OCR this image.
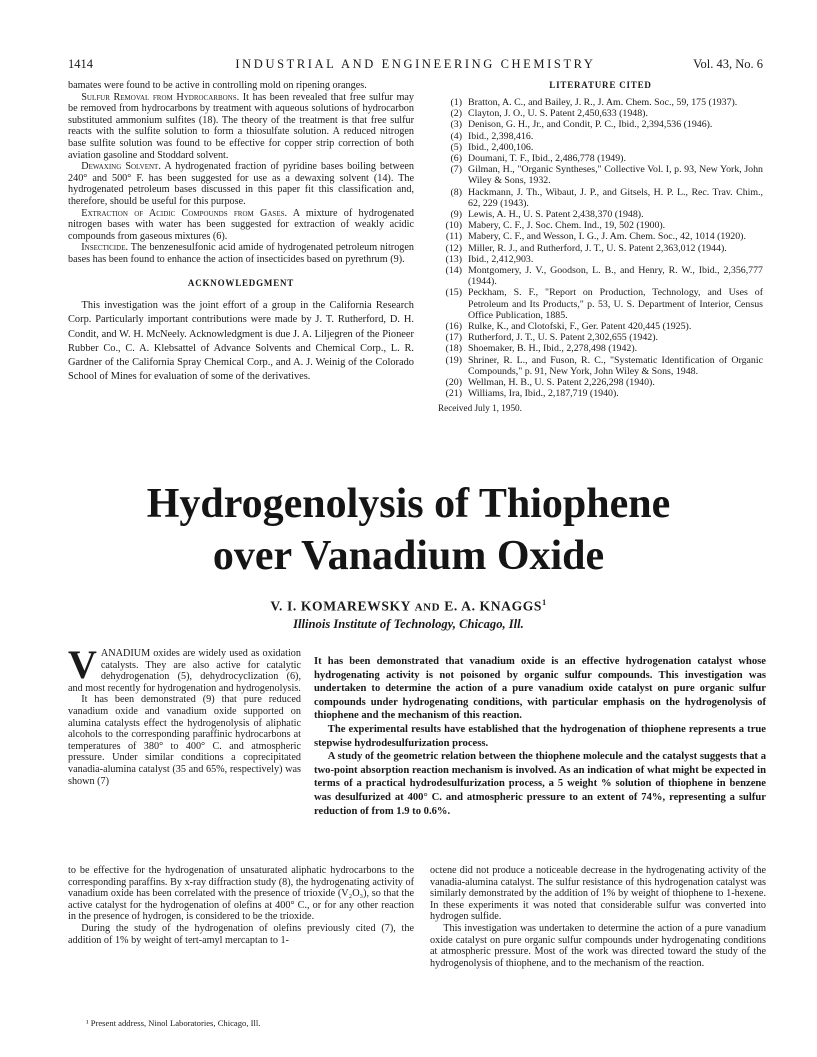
1414	INDUSTRIAL AND ENGINEERING CHEMISTRY	Vol. 43, No. 6

bamates were found to be active in controlling mold on ripening oranges.

Sulfur Removal from Hydrocarbons. It has been revealed that free sulfur may be removed from hydrocarbons by treatment with aqueous solutions of hydrocarbon substituted ammonium sulfites (18). The theory of the treatment is that free sulfur reacts with the sulfite solution to form a thiosulfate solution. A reduced nitrogen base sulfite solution was found to be effective for copper strip correction of both aviation gasoline and Stoddard solvent.

Dewaxing Solvent. A hydrogenated fraction of pyridine bases boiling between 240° and 500° F. has been suggested for use as a dewaxing solvent (14). The hydrogenated petroleum bases discussed in this paper fit this classification and, therefore, should be useful for this purpose.

Extraction of Acidic Compounds from Gases. A mixture of hydrogenated nitrogen bases with water has been suggested for extraction of weakly acidic compounds from gaseous mixtures (6).

Insecticide. The benzenesulfonic acid amide of hydrogenated petroleum nitrogen bases has been found to enhance the action of insecticides based on pyrethrum (9).

ACKNOWLEDGMENT

This investigation was the joint effort of a group in the California Research Corp. Particularly important contributions were made by J. T. Rutherford, D. H. Condit, and W. H. McNeely. Acknowledgment is due J. A. Liljegren of the Pioneer Rubber Co., C. A. Klebsattel of Advance Solvents and Chemical Corp., L. R. Gardner of the California Spray Chemical Corp., and A. J. Weinig of the Colorado School of Mines for evaluation of some of the derivatives.

LITERATURE CITED
(1) Bratton, A. C., and Bailey, J. R., J. Am. Chem. Soc., 59, 175 (1937).
(2) Clayton, J. O., U. S. Patent 2,450,633 (1948).
(3) Denison, G. H., Jr., and Condit, P. C., Ibid., 2,394,536 (1946).
(4) Ibid., 2,398,416.
(5) Ibid., 2,400,106.
(6) Doumani, T. F., Ibid., 2,486,778 (1949).
(7) Gilman, H., "Organic Syntheses," Collective Vol. I, p. 93, New York, John Wiley & Sons, 1932.
(8) Hackmann, J. Th., Wibaut, J. P., and Gitsels, H. P. L., Rec. Trav. Chim., 62, 229 (1943).
(9) Lewis, A. H., U. S. Patent 2,438,370 (1948).
(10) Mabery, C. F., J. Soc. Chem. Ind., 19, 502 (1900).
(11) Mabery, C. F., and Wesson, I. G., J. Am. Chem. Soc., 42, 1014 (1920).
(12) Miller, R. J., and Rutherford, J. T., U. S. Patent 2,363,012 (1944).
(13) Ibid., 2,412,903.
(14) Montgomery, J. V., Goodson, L. B., and Henry, R. W., Ibid., 2,356,777 (1944).
(15) Peckham, S. F., "Report on Production, Technology, and Uses of Petroleum and Its Products," p. 53, U. S. Department of Interior, Census Office Publication, 1885.
(16) Rulke, K., and Clotofski, F., Ger. Patent 420,445 (1925).
(17) Rutherford, J. T., U. S. Patent 2,302,655 (1942).
(18) Shoemaker, B. H., Ibid., 2,278,498 (1942).
(19) Shriner, R. L., and Fuson, R. C., "Systematic Identification of Organic Compounds," p. 91, New York, John Wiley & Sons, 1948.
(20) Wellman, H. B., U. S. Patent 2,226,298 (1940).
(21) Williams, Ira, Ibid., 2,187,719 (1940).
Received July 1, 1950.
Hydrogenolysis of Thiophene
over Vanadium Oxide
V. I. KOMAREWSKY AND E. A. KNAGGS$^1$
Illinois Institute of Technology, Chicago, Ill.

VANADIUM oxides are widely used as oxidation catalysts. They are also active for catalytic dehydrogenation (5), dehydrocyclization (6), and most recently for hydrogenation and hydrogenolysis.

It has been demonstrated (9) that pure reduced vanadium oxide and vanadium oxide supported on alumina catalysts effect the hydrogenolysis of aliphatic alcohols to the corresponding paraffinic hydrocarbons at temperatures of 380° to 400° C. and atmospheric pressure. Under similar conditions a coprecipitated vanadia-alumina catalyst (35 and 65%, respectively) was shown (7)

It has been demonstrated that vanadium oxide is an effective hydrogenation catalyst whose hydrogenating activity is not poisoned by organic sulfur compounds. This investigation was undertaken to determine the action of a pure vanadium oxide catalyst on pure organic sulfur compounds under hydrogenating conditions, with particular emphasis on the hydrogenolysis of thiophene and the mechanism of this reaction.

The experimental results have established that the hydrogenation of thiophene represents a true stepwise hydrodesulfurization process.

A study of the geometric relation between the thiophene molecule and the catalyst suggests that a two-point absorption reaction mechanism is involved. As an indication of what might be expected in terms of a practical hydrodesulfurization process, a 5 weight % solution of thiophene in benzene was desulfurized at 400° C. and atmospheric pressure to an extent of 74%, representing a sulfur reduction of from 1.9 to 0.6%.

to be effective for the hydrogenation of unsaturated aliphatic hydrocarbons to the corresponding paraffins. By x-ray diffraction study (8), the hydrogenating activity of vanadium oxide has been correlated with the presence of trioxide (V₂O₃), so that the active catalyst for the hydrogenation of olefins at 400° C., or for any other reaction in the presence of hydrogen, is considered to be the trioxide.

During the study of the hydrogenation of olefins previously cited (7), the addition of 1% by weight of tert-amyl mercaptan to 1-

octene did not produce a noticeable decrease in the hydrogenating activity of the vanadia-alumina catalyst. The sulfur resistance of this hydrogenation catalyst was similarly demonstrated by the addition of 1% by weight of thiophene to 1-hexene. In these experiments it was noted that considerable sulfur was converted into hydrogen sulfide.

This investigation was undertaken to determine the action of a pure vanadium oxide catalyst on pure organic sulfur compounds under hydrogenating conditions at atmospheric pressure. Most of the work was directed toward the study of the hydrogenolysis of thiophene, and to the mechanism of the reaction.

¹ Present address, Ninol Laboratories, Chicago, Ill.
